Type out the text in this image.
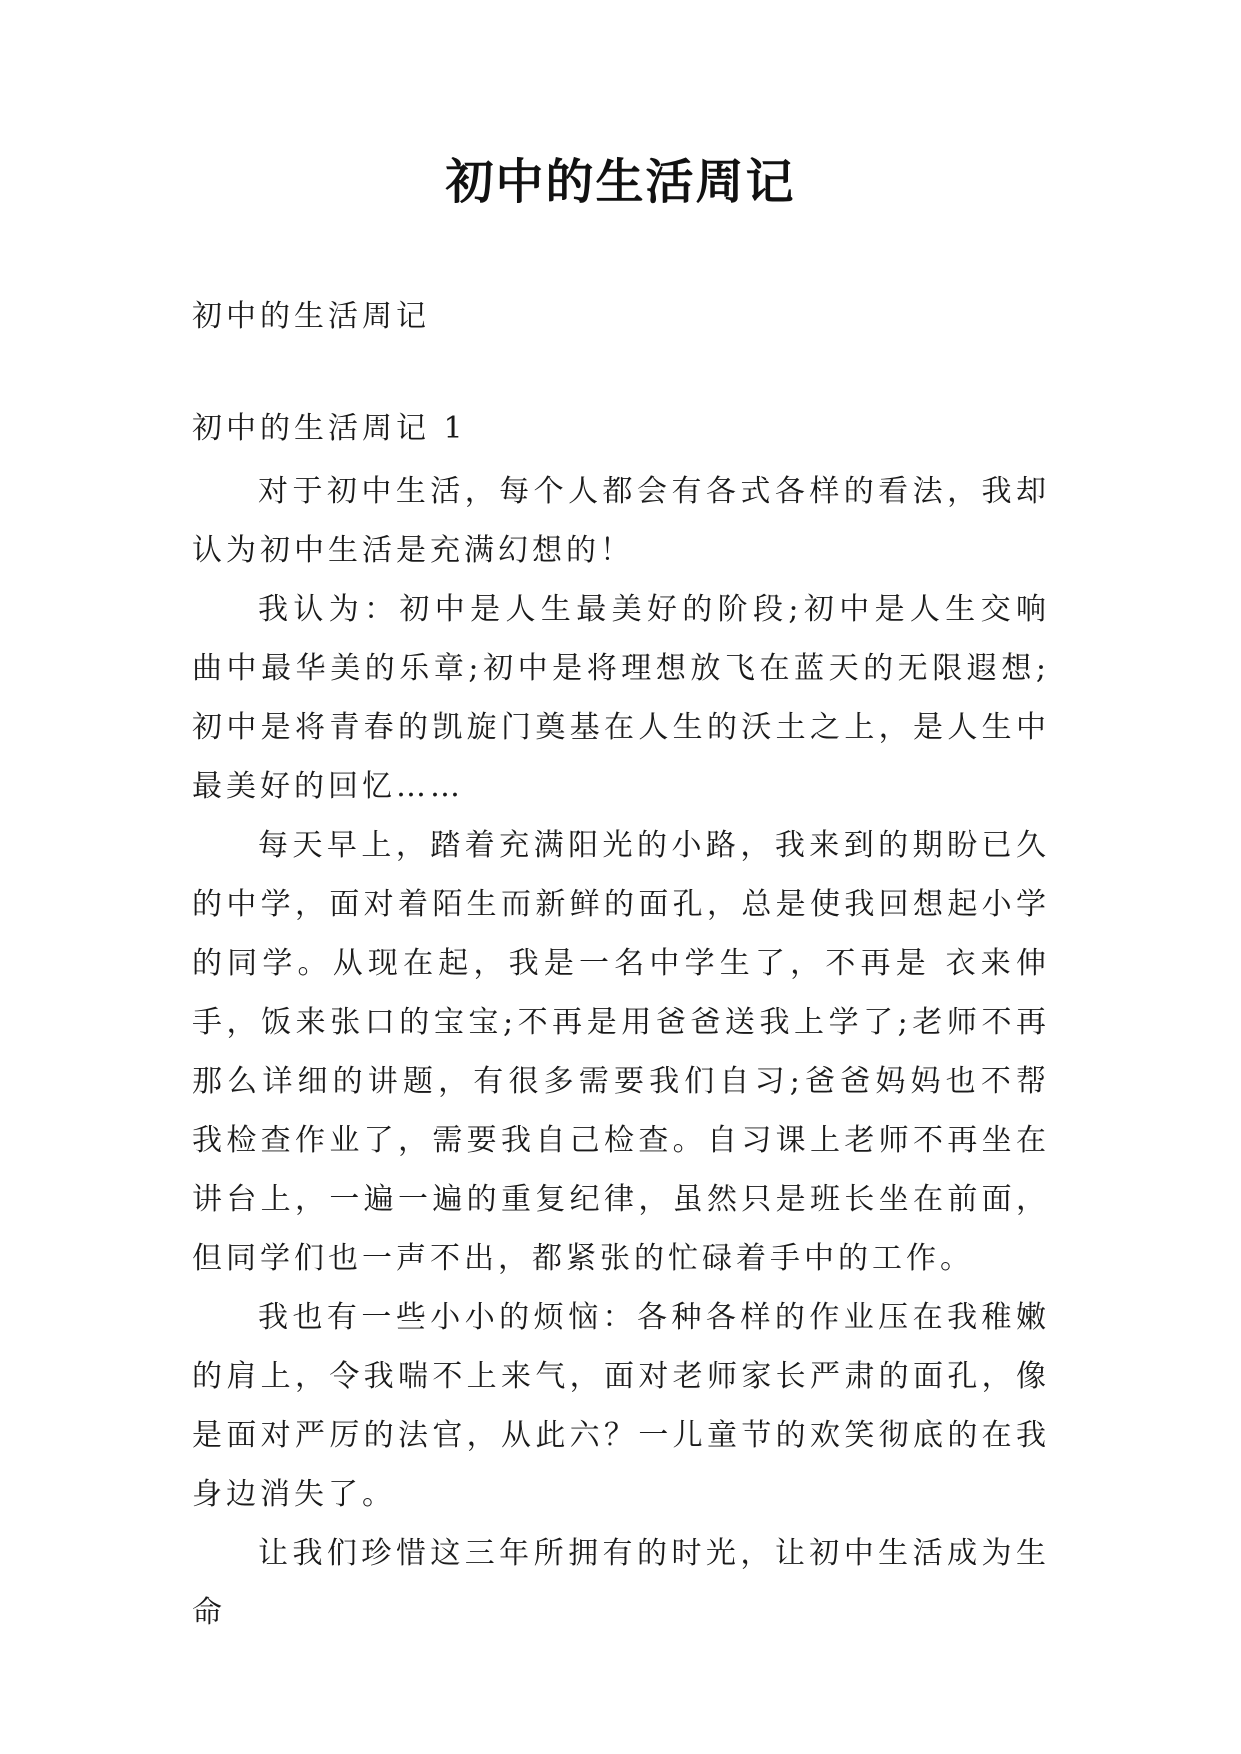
初中的生活周记
初中的生活周记
初中的生活周记 1

对于初中生活，每个人都会有各式各样的看法，我却认为初中生活是充满幻想的！

我认为：初中是人生最美好的阶段;初中是人生交响曲中最华美的乐章;初中是将理想放飞在蓝天的无限遐想;初中是将青春的凯旋门奠基在人生的沃土之上，是人生中最美好的回忆……

每天早上，踏着充满阳光的小路，我来到的期盼已久的中学，面对着陌生而新鲜的面孔，总是使我回想起小学的同学。从现在起，我是一名中学生了，不再是 衣来伸手，饭来张口的宝宝;不再是用爸爸送我上学了;老师不再那么详细的讲题，有很多需要我们自习;爸爸妈妈也不帮我检查作业了，需要我自己检查。自习课上老师不再坐在讲台上，一遍一遍的重复纪律，虽然只是班长坐在前面，但同学们也一声不出，都紧张的忙碌着手中的工作。

我也有一些小小的烦恼：各种各样的作业压在我稚嫩的肩上，令我喘不上来气，面对老师家长严肃的面孔，像是面对严厉的法官，从此六？一儿童节的欢笑彻底的在我身边消失了。

让我们珍惜这三年所拥有的时光，让初中生活成为生命
